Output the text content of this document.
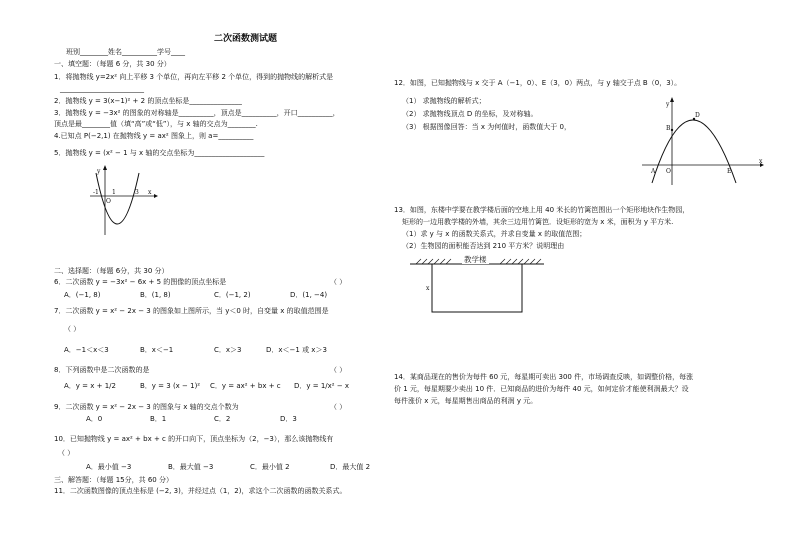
二次函数测试题
班别________姓名__________学号____
一、填空题：（每题 6 分，共 30 分）
1．将抛物线 y=2x² 向上平移 3 个单位，再向左平移 2 个单位，得到的抛物线的解析式是
________________________
2．抛物线 y = 3(x−1)² + 2 的顶点坐标是_______________
3．抛物线 y = −3x² 的图象的对称轴是__________，顶点是__________，开口__________，
顶点是最________值（填“高”或“低”），与 x 轴的交点为________.
4.已知点 P(−2,1) 在抛物线 y = ax² 图象上，则 a=__________
5．抛物线 y = (x² − 1 与 x 轴的交点坐标为____________________
y
x
O
-1 1	3
二、选择题：（每题 6分，共 30 分）
6．二次函数 y = −3x² − 6x + 5 的图像的顶点坐标是	（ ）
A．(−1, 8)	B．(1, 8)	C．(−1, 2)	D．(1, −4)
7．二次函数 y = x² − 2x − 3 的图象如上图所示，当 y＜0 时，自变量 x 的取值范围是
（ ）
A．−1＜x＜3	B．x＜−1	C．x＞3	D．x＜−1 或 x＞3
8．下列函数中是二次函数的是	（ ）
A．y = x + 1/2	B．y = 3 (x − 1)² C．y = ax² + bx + c D．y = 1/x² − x
9．二次函数 y = x² − 2x − 3 的图象与 x 轴的交点个数为	（ ）
A．0	B．1	C．2	D．3
10．已知抛物线 y = ax² + bx + c 的开口向下，顶点坐标为（2，−3），那么该抛物线有
（ ）
A．最小值 −3	B．最大值 −3	C．最小值 2	D．最大值 2
三、解答题：（每题 15分，共 60 分）
11．二次函数图像的顶点坐标是 (−2, 3)，并经过点（1，2)，求这个二次函数的函数关系式。
12．如图，已知抛物线与 x 交于 A（−1，0）、E（3，0）两点，与 y 轴交于点 B（0，3）。
（1） 求抛物线的解析式；
（2） 求抛物线顶点 D 的坐标，及对称轴。
（3） 根据图像回答：当 x 为何值时，函数值大于 0，
y
x
O
A
B
D
E
13．如图，东楼中学要在教学楼后面的空地上用 40 米长的竹篱笆围出一个矩形地块作生物园，
矩形的一边用教学楼的外墙，其余三边用竹篱笆．设矩形的宽为 x 米，面积为 y 平方米.
（1）求 y 与 x 的函数关系式，并求自变量 x 的取值范围；
（2）生物园的面积能否达到 210 平方米？说明理由
x
教学楼
14．某商品现在的售价为每件 60 元，每星期可卖出 300 件，市场调查反映，如调整价格，每涨
价 1 元，每星期要少卖出 10 件．已知商品的进价为每件 40 元，如何定价才能使利润最大？设
每件涨价 x 元，每星期售出商品的利润 y 元。
